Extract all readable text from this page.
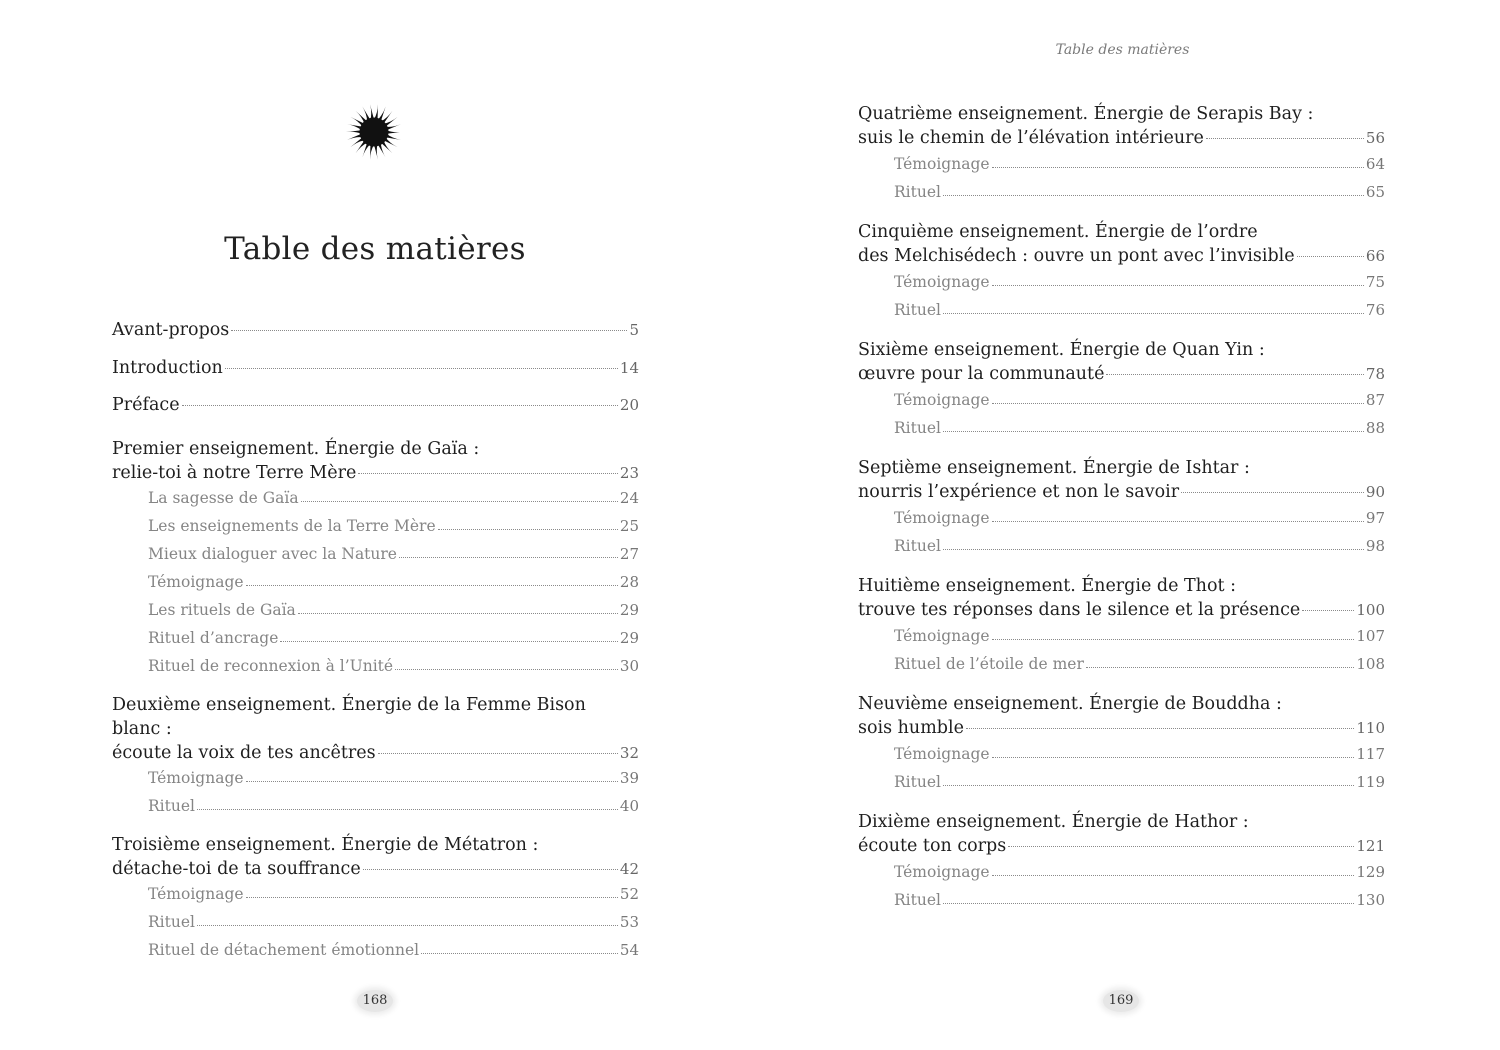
Table des matières
Avant-propos	5
Introduction	14
Préface	20
Premier enseignement. Énergie de Gaïa :
relie-toi à notre Terre Mère	23
La sagesse de Gaïa	24
Les enseignements de la Terre Mère	25
Mieux dialoguer avec la Nature	27
Témoignage	28
Les rituels de Gaïa	29
Rituel d’ancrage	29
Rituel de reconnexion à l’Unité	30
Deuxième enseignement. Énergie de la Femme Bison blanc :
écoute la voix de tes ancêtres	32
Témoignage	39
Rituel	40
Troisième enseignement. Énergie de Métatron :
détache-toi de ta souffrance	42
Témoignage	52
Rituel	53
Rituel de détachement émotionnel	54
168
Table des matières
Quatrième enseignement. Énergie de Serapis Bay :
suis le chemin de l’élévation intérieure	56
Témoignage	64
Rituel	65
Cinquième enseignement. Énergie de l’ordre
des Melchisédech : ouvre un pont avec l’invisible	66
Témoignage	75
Rituel	76
Sixième enseignement. Énergie de Quan Yin :
œuvre pour la communauté	78
Témoignage	87
Rituel	88
Septième enseignement. Énergie de Ishtar :
nourris l’expérience et non le savoir	90
Témoignage	97
Rituel	98
Huitième enseignement. Énergie de Thot :
trouve tes réponses dans le silence et la présence	100
Témoignage	107
Rituel de l’étoile de mer	108
Neuvième enseignement. Énergie de Bouddha :
sois humble	110
Témoignage	117
Rituel	119
Dixième enseignement. Énergie de Hathor :
écoute ton corps	121
Témoignage	129
Rituel	130
169
